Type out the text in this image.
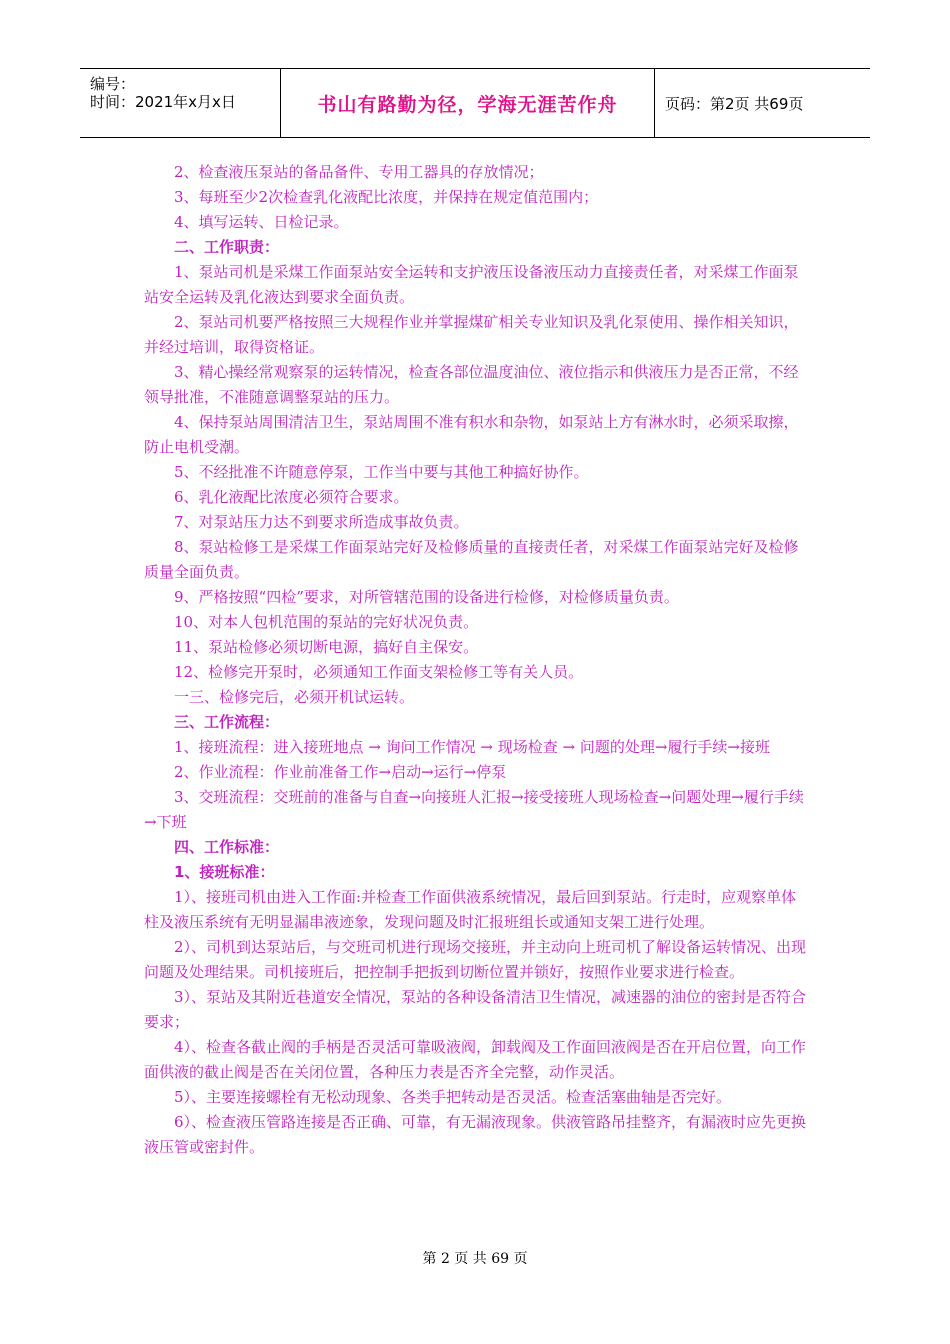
编号：
时间：2021年x月x日	书山有路勤为径，学海无涯苦作舟	页码：第2页 共69页

2、检查液压泵站的备品备件、专用工器具的存放情况；

3、每班至少2次检查乳化液配比浓度，并保持在规定值范围内；

4、填写运转、日检记录。

二、工作职责：

1、泵站司机是采煤工作面泵站安全运转和支护液压设备液压动力直接责任者，对采煤工作面泵站安全运转及乳化液达到要求全面负责。

2、泵站司机要严格按照三大规程作业并掌握煤矿相关专业知识及乳化泵使用、操作相关知识，并经过培训，取得资格证。

3、精心操经常观察泵的运转情况，检查各部位温度油位、液位指示和供液压力是否正常，不经领导批准，不准随意调整泵站的压力。

4、保持泵站周围清洁卫生，泵站周围不准有积水和杂物，如泵站上方有淋水时，必须采取擦，防止电机受潮。

5、不经批准不许随意停泵，工作当中要与其他工种搞好协作。

6、乳化液配比浓度必须符合要求。

7、对泵站压力达不到要求所造成事故负责。

8、泵站检修工是采煤工作面泵站完好及检修质量的直接责任者，对采煤工作面泵站完好及检修质量全面负责。

9、严格按照“四检”要求，对所管辖范围的设备进行检修，对检修质量负责。

10、对本人包机范围的泵站的完好状况负责。

11、泵站检修必须切断电源，搞好自主保安。

12、检修完开泵时，必须通知工作面支架检修工等有关人员。

一三、检修完后，必须开机试运转。

三、工作流程：

1、接班流程：进入接班地点 → 询问工作情况 → 现场检查 → 问题的处理→履行手续→接班

2、作业流程：作业前准备工作→启动→运行→停泵

3、交班流程：交班前的准备与自查→向接班人汇报→接受接班人现场检查→问题处理→履行手续→下班

四、工作标准：

1、接班标准：

1）、接班司机由进入工作面:并检查工作面供液系统情况，最后回到泵站。行走时，应观察单体柱及液压系统有无明显漏串液迹象，发现问题及时汇报班组长或通知支架工进行处理。

2）、司机到达泵站后，与交班司机进行现场交接班，并主动向上班司机了解设备运转情况、出现问题及处理结果。司机接班后，把控制手把扳到切断位置并锁好，按照作业要求进行检查。

3）、泵站及其附近巷道安全情况，泵站的各种设备清洁卫生情况，减速器的油位的密封是否符合要求；

4）、检查各截止阀的手柄是否灵活可靠吸液阀，卸载阀及工作面回液阀是否在开启位置，向工作面供液的截止阀是否在关闭位置，各种压力表是否齐全完整，动作灵活。

5）、主要连接螺栓有无松动现象、各类手把转动是否灵活。检查活塞曲轴是否完好。

6）、检查液压管路连接是否正确、可靠，有无漏液现象。供液管路吊挂整齐，有漏液时应先更换液压管或密封件。

第 2 页 共 69 页
